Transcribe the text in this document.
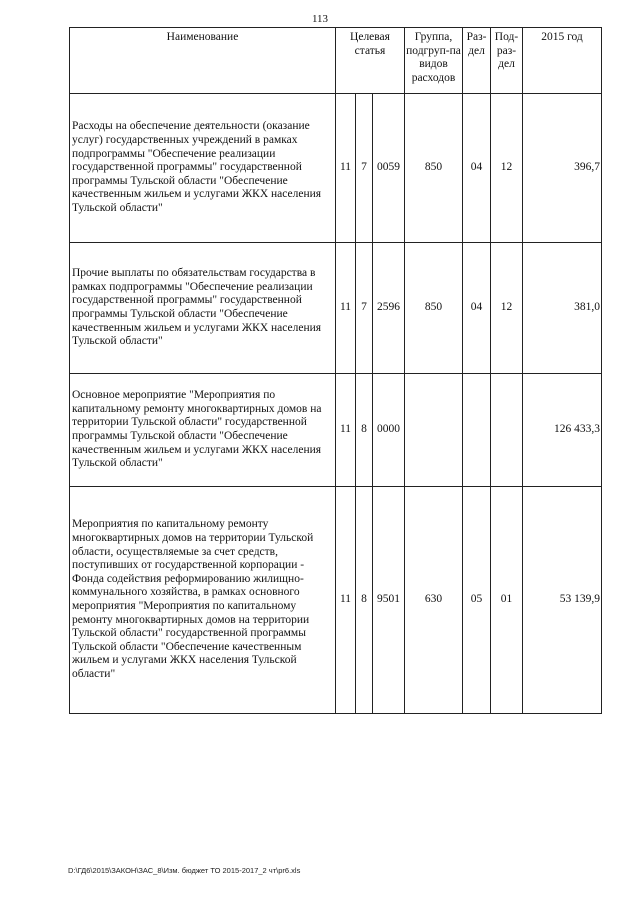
113
Наименование	Целевая статья			Группа, подгруп-па видов расходов	Раз-дел	Под-раз-дел	2015 год
Расходы на обеспечение деятельности (оказание услуг) государственных учреждений в рамках подпрограммы "Обеспечение реализации государственной программы" государственной программы Тульской области "Обеспечение качественным жильем и услугами ЖКХ населения Тульской области"	11	7	0059	850	04	12	396,7
Прочие выплаты по обязательствам государства в рамках подпрограммы "Обеспечение реализации государственной программы" государственной программы Тульской области "Обеспечение качественным жильем и услугами ЖКХ населения Тульской области"	11	7	2596	850	04	12	381,0
Основное мероприятие "Мероприятия по капитальному ремонту многоквартирных домов на территории Тульской области" государственной программы Тульской области "Обеспечение качественным жильем и услугами ЖКХ населения Тульской области"	11	8	0000				126 433,3
Мероприятия по капитальному ремонту многоквартирных домов на территории Тульской области, осуществляемые за счет средств, поступивших от государственной корпорации - Фонда содействия реформированию жилищно-коммунального хозяйства, в рамках основного мероприятия "Мероприятия по капитальному ремонту многоквартирных домов на территории Тульской области" государственной программы Тульской области "Обеспечение качественным жильем и услугами ЖКХ населения Тульской области"	11	8	9501	630	05	01	53 139,9
D:\ГД6\2015\ЗАКОН\ЗАС_8\Изм. бюджет ТО 2015-2017_2 чт\pr6.xls
